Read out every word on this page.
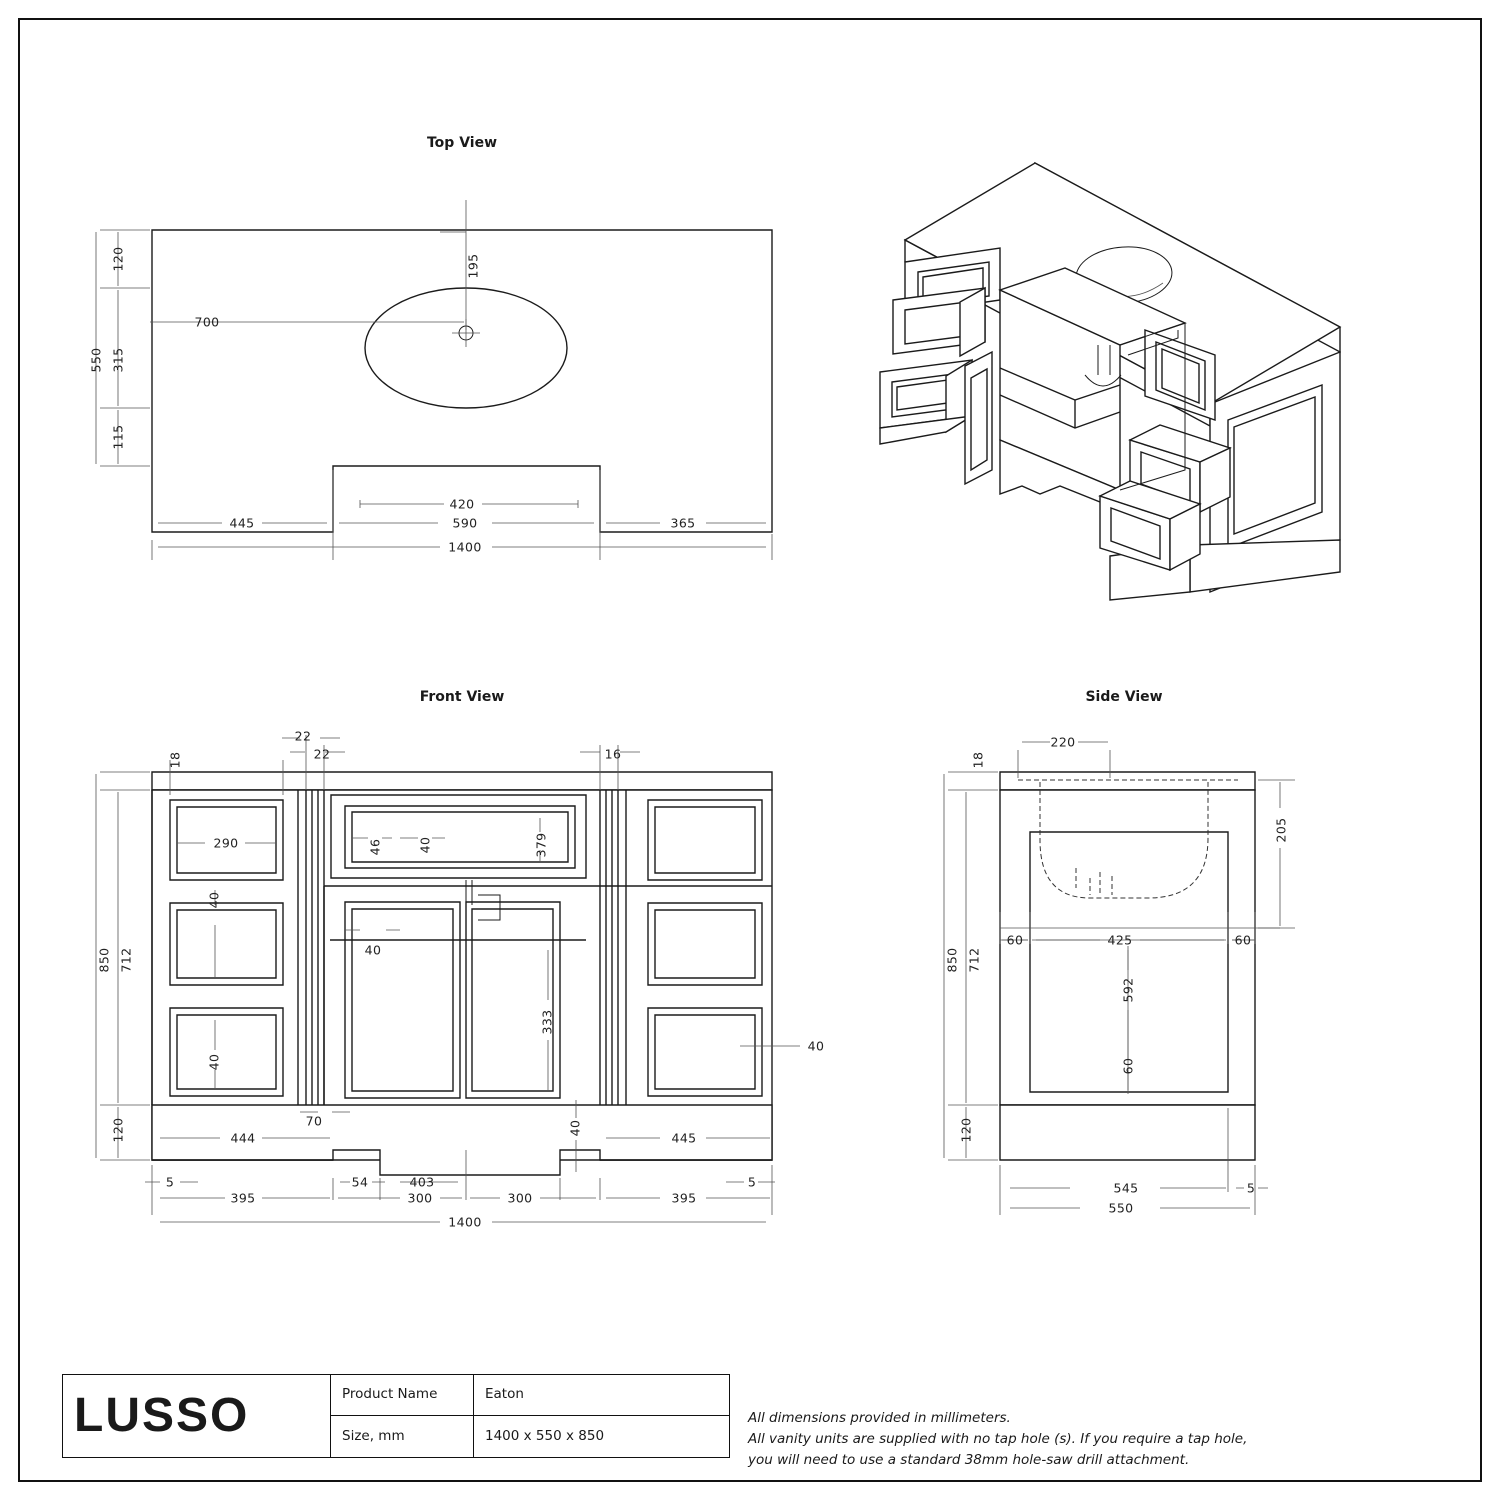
Top View
Front View	Side View
120	195
550 315
700
115
445
420
590	365
1400
18
22
22	16
290	46	40	379
40
850 712	40
333
40
40
40
120	70
444	445
5	54	403	5
395	300	300	395
1400
18
220
205
850 712
60	425	60
592
60
120
545	5
550
LUSSO	Product Name	Eaton
Size, mm	1400 x 550 x 850
All dimensions provided in millimeters.
All vanity units are supplied with no tap hole (s). If you require a tap hole,
you will need to use a standard 38mm hole-saw drill attachment.
